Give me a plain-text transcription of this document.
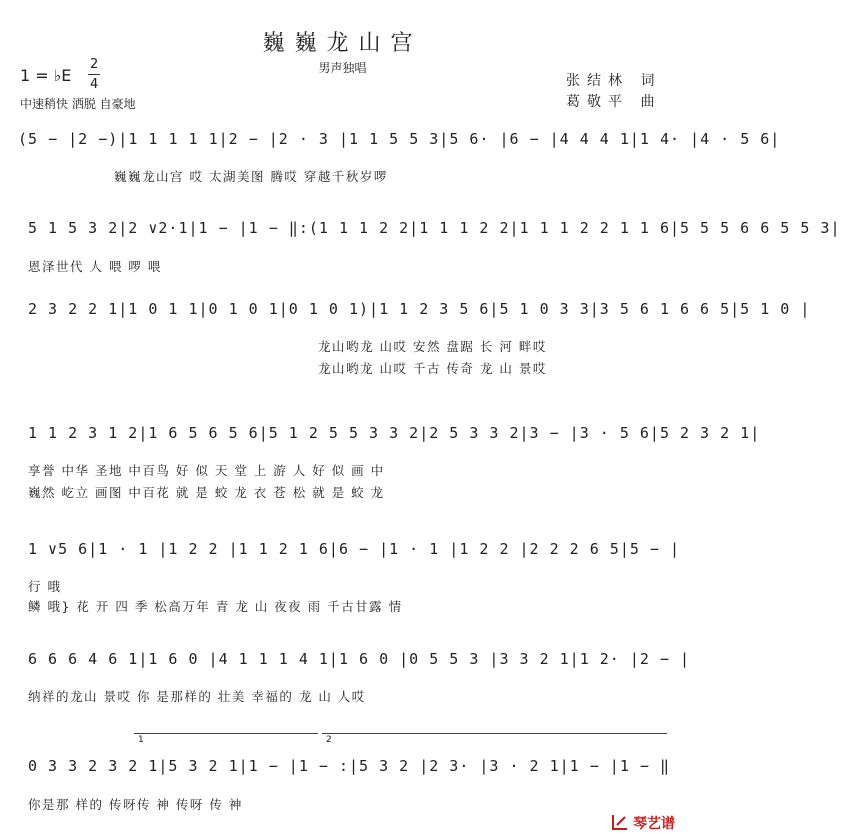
巍巍龙山宫
男声独唱
1 = ♭E
2
4
中速稍快 洒脱 自豪地
张结林 词
葛敬平 曲
(5 − |2 −)|1 1 1 1 1|2 − |2 · 3 |1 1 5 5 3|5 6· |6 − |4 4 4 1|1 4· |4 · 5 6|
巍巍龙山宫 哎 太湖美图 腾哎 穿越千秋岁啰
5 1 5 3 2|2 ∨2·1|1 − |1 − ‖:(1 1 1 2 2|1 1 1 2 2|1 1 1 2 2 1 1 6|5 5 5 6 6 5 5 3|
恩泽世代 人 喂 啰 喂
2 3 2 2 1|1 0 1 1|0 1 0 1|0 1 0 1)|1 1 2 3 5 6|5 1 0 3 3|3 5 6 1 6 6 5|5 1 0 |
龙山哟龙 山哎 安然 盘踞 长 河 畔哎
龙山哟龙 山哎 千古 传奇 龙 山 景哎
1 1 2 3 1 2|1 6 5 6 5 6|5 1 2 5 5 3 3 2|2 5 3 3 2|3 − |3 · 5 6|5 2 3 2 1|
享誉 中华 圣地 中百鸟 好 似 天 堂 上 游 人 好 似 画 中
巍然 屹立 画图 中百花 就 是 蛟 龙 衣 苍 松 就 是 蛟 龙
1 ∨5 6|1 · 1 |1 2 2 |1 1 2 1 6|6 − |1 · 1 |1 2 2 |2 2 2 6 5|5 − |
行 哦
鳞 哦} 花 开 四 季 松高万年 青 龙 山 夜夜 雨 千古甘露 情
6 6 6 4 6 1|1 6 0 |4 1 1 1 4 1|1 6 0 |0 5 5 3 |3 3 2 1|1 2· |2 − |
纳祥的龙山 景哎 你 是那样的 壮美 幸福的 龙 山 人哎
1	2
0 3 3 2 3 2 1|5 3 2 1|1 − |1 − :|5 3 2 |2 3· |3 · 2 1|1 − |1 − ‖
你是那 样的 传呀传 神 传呀 传 神
琴艺谱
